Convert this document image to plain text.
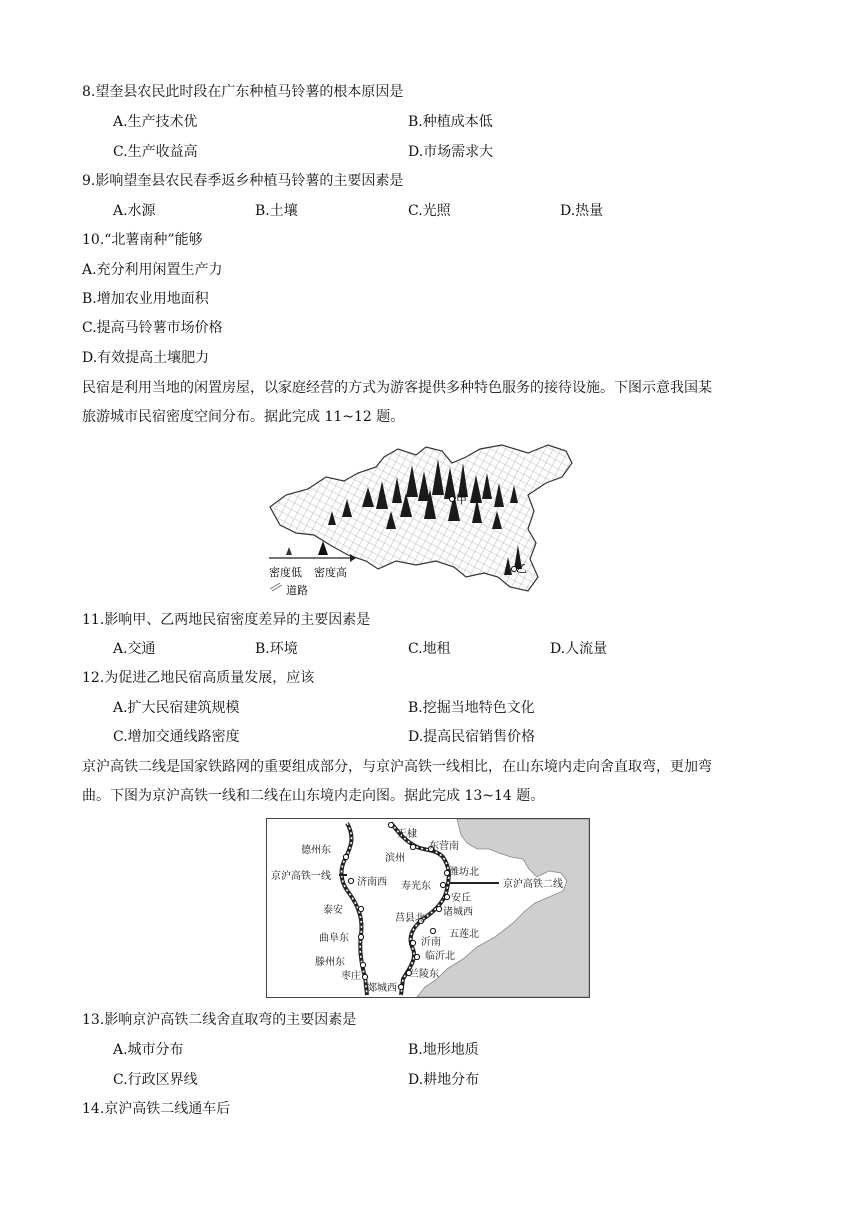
8.望奎县农民此时段在广东种植马铃薯的根本原因是
A.生产技术优	B.种植成本低
C.生产收益高	D.市场需求大
9.影响望奎县农民春季返乡种植马铃薯的主要因素是
A.水源	B.土壤	C.光照	D.热量
10.“北薯南种”能够
A.充分利用闲置生产力
B.增加农业用地面积
C.提高马铃薯市场价格
D.有效提高土壤肥力
民宿是利用当地的闲置房屋，以家庭经营的方式为游客提供多种特色服务的接待设施。下图示意我国某
旅游城市民宿密度空间分布。据此完成 11~12 题。
甲
乙
密度低 密度高
道路
11.影响甲、乙两地民宿密度差异的主要因素是
A.交通	B.环境	C.地租	D.人流量
12.为促进乙地民宿高质量发展，应该
A.扩大民宿建筑规模	B.挖掘当地特色文化
C.增加交通线路密度	D.提高民宿销售价格
京沪高铁二线是国家铁路网的重要组成部分，与京沪高铁一线相比，在山东境内走向舍直取弯，更加弯
曲。下图为京沪高铁一线和二线在山东境内走向图。据此完成 13~14 题。
德州东
京沪高铁一线
济南西
泰安
曲阜东
滕州东
枣庄
无棣
滨州
东营南
潍坊北
寿光东	京沪高铁二线
安丘
诸城西
莒县北
五莲北
沂南
临沂北
兰陵东
郯城西
13.影响京沪高铁二线舍直取弯的主要因素是
A.城市分布	B.地形地质
C.行政区界线	D.耕地分布
14.京沪高铁二线通车后
